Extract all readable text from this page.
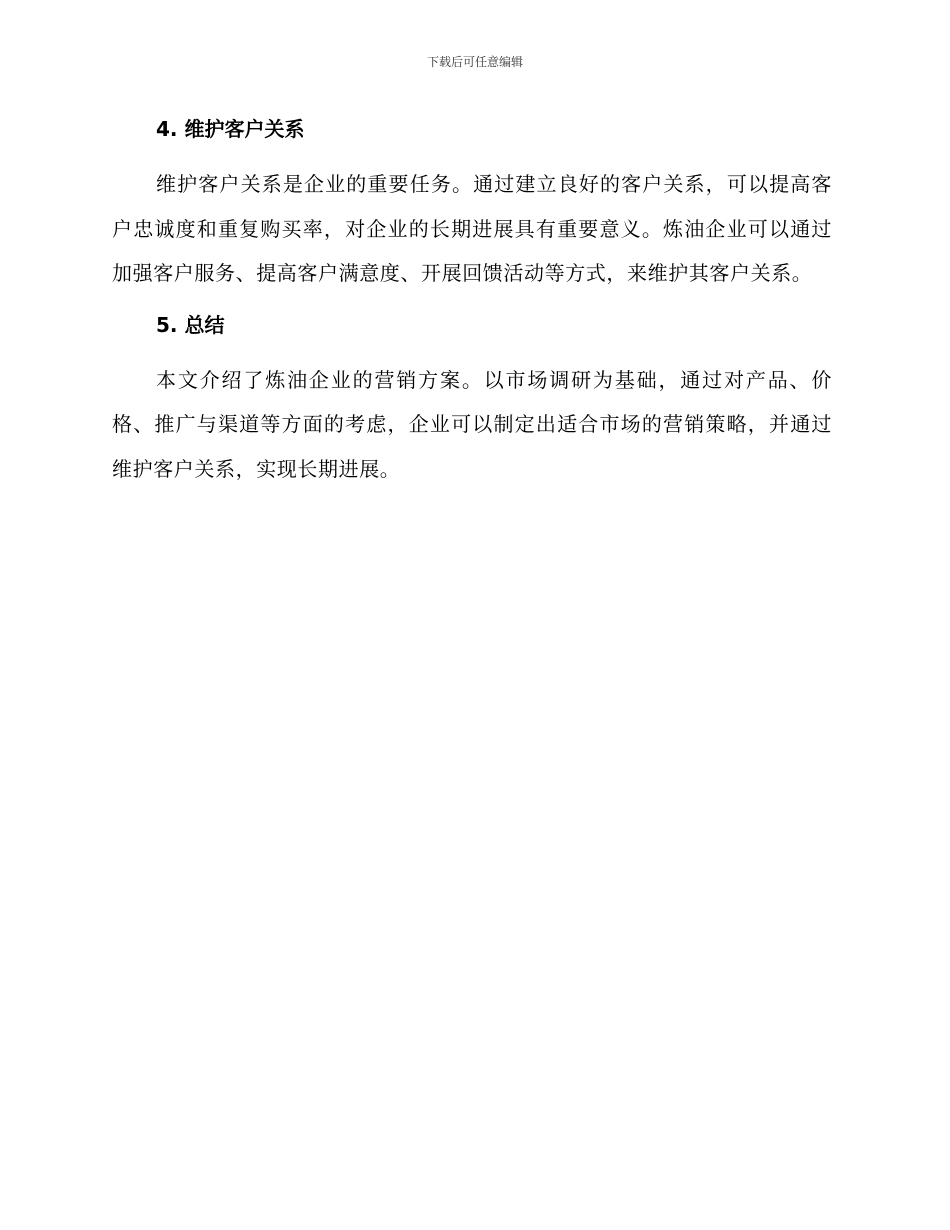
下载后可任意编辑
4. 维护客户关系

维护客户关系是企业的重要任务。通过建立良好的客户关系，可以提高客户忠诚度和重复购买率，对企业的长期进展具有重要意义。炼油企业可以通过加强客户服务、提高客户满意度、开展回馈活动等方式，来维护其客户关系。

5. 总结

本文介绍了炼油企业的营销方案。以市场调研为基础，通过对产品、价格、推广与渠道等方面的考虑，企业可以制定出适合市场的营销策略，并通过维护客户关系，实现长期进展。
